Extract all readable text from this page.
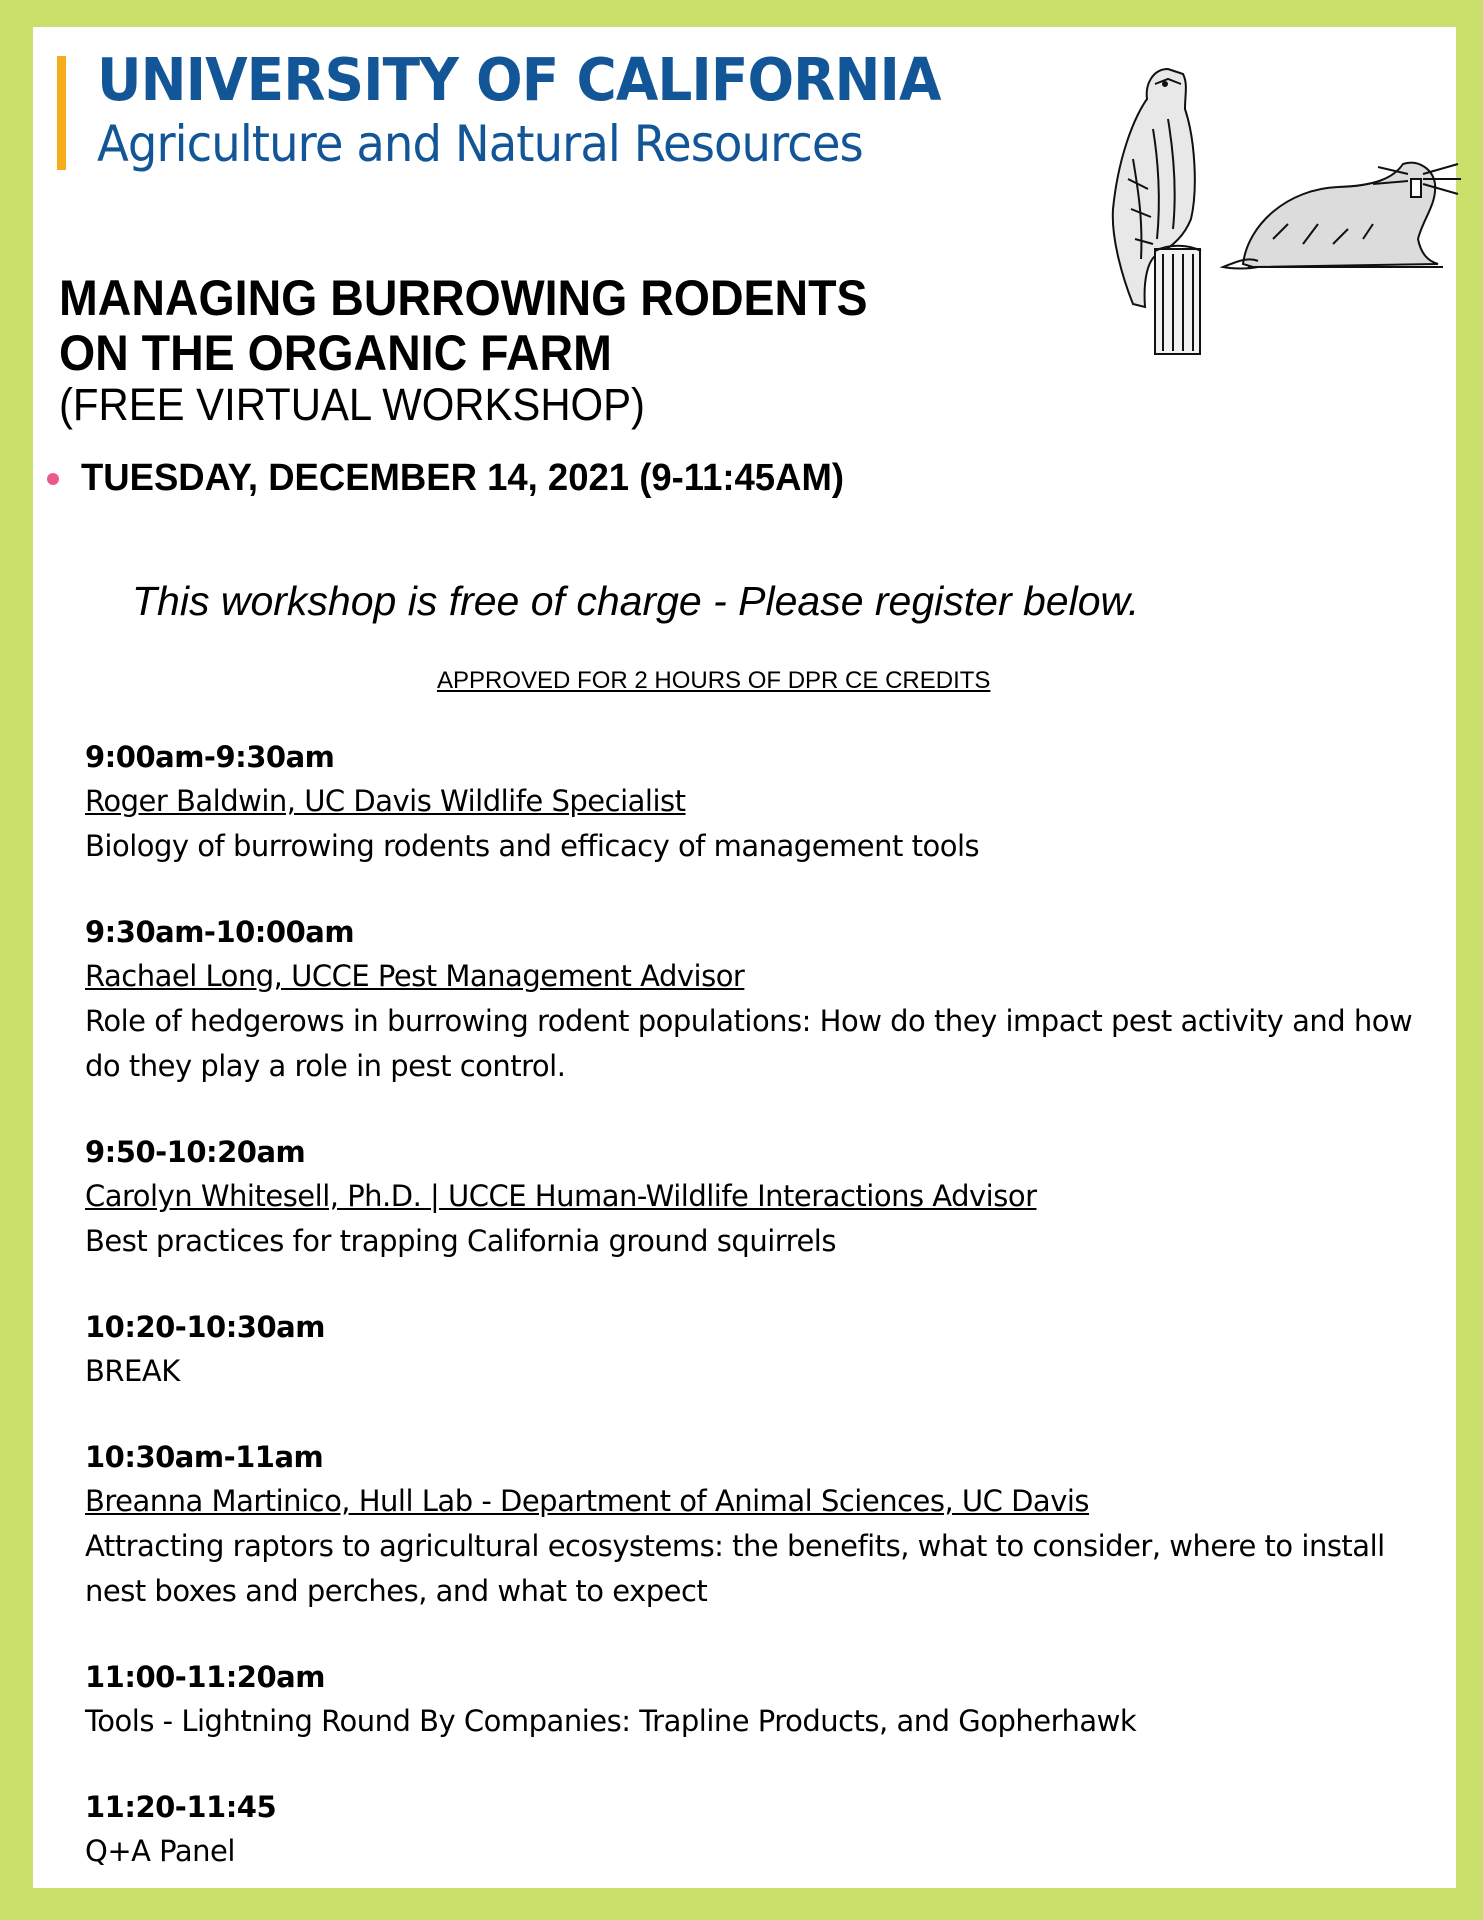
UNIVERSITY OF CALIFORNIA
Agriculture and Natural Resources
MANAGING BURROWING RODENTS
ON THE ORGANIC FARM
(FREE VIRTUAL WORKSHOP)
TUESDAY, DECEMBER 14, 2021 (9-11:45AM)
This workshop is free of charge - Please register below.
APPROVED FOR 2 HOURS OF DPR CE CREDITS
9:00am-9:30am
Roger Baldwin, UC Davis Wildlife Specialist
Biology of burrowing rodents and efficacy of management tools
9:30am-10:00am
Rachael Long, UCCE Pest Management Advisor
Role of hedgerows in burrowing rodent populations: How do they impact pest activity and how do they play a role in pest control.
9:50-10:20am
Carolyn Whitesell, Ph.D. | UCCE Human-Wildlife Interactions Advisor
Best practices for trapping California ground squirrels
10:20-10:30am
BREAK
10:30am-11am
Breanna Martinico, Hull Lab - Department of Animal Sciences, UC Davis
Attracting raptors to agricultural ecosystems: the benefits, what to consider, where to install nest boxes and perches, and what to expect
11:00-11:20am
Tools - Lightning Round By Companies: Trapline Products, and Gopherhawk
11:20-11:45
Q+A Panel
